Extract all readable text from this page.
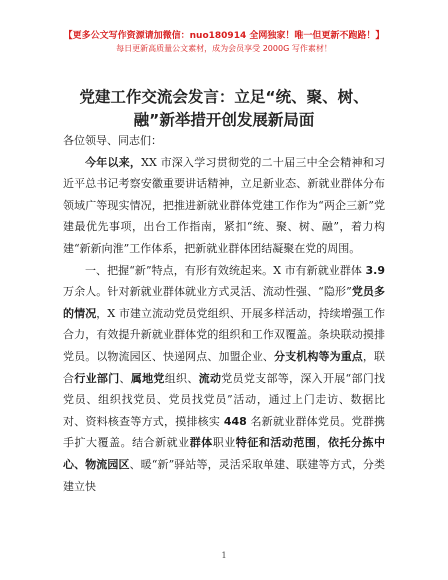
【更多公文写作资源请加微信：nuo180914 全网独家！唯一但更新不跑路！】
每日更新高质量公文素材，成为会员享受 2000G 写作素材！
党建工作交流会发言：立足“统、聚、树、
融”新举措开创发展新局面

各位领导、同志们：

今年以来，XX 市深入学习贯彻党的二十届三中全会精神和习近平总书记考察安徽重要讲话精神，立足新业态、新就业群体分布领域广等现实情况，把推进新就业群体党建工作作为“两企三新”党建最优先事项，出台工作指南，紧扣“统、聚、树、融”，着力构建“新新向淮”工作体系，把新就业群体团结凝聚在党的周围。

一、把握“新”特点，有形有效统起来。X 市有新就业群体 3.9 万余人。针对新就业群体就业方式灵活、流动性强、“隐形”党员多的情况，X 市建立流动党员党组织、开展多样活动，持续增强工作合力，有效提升新就业群体党的组织和工作双覆盖。条块联动摸排党员。以物流园区、快递网点、加盟企业、分支机构等为重点，联合行业部门、属地党组织、流动党员党支部等，深入开展“部门找党员、组织找党员、党员找党员”活动，通过上门走访、数据比对、资料核查等方式，摸排核实 448 名新就业群体党员。党群携手扩大覆盖。结合新就业群体职业特征和活动范围，依托分拣中心、物流园区、暖“新”驿站等，灵活采取单建、联建等方式，分类建立快

1
